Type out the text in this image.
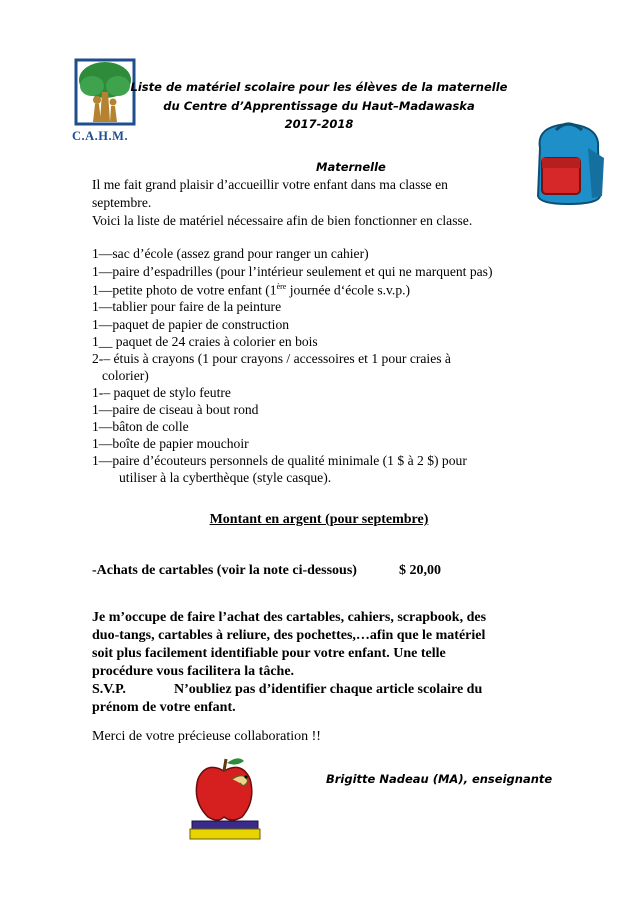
C.A.H.M.
Liste de matériel scolaire pour les élèves de la maternelle
du Centre d’Apprentissage du Haut–Madawaska
2017-2018
Maternelle
Il me fait grand plaisir d’accueillir votre enfant dans ma classe en
septembre.
Voici la liste de matériel nécessaire afin de bien fonctionner en classe.
1—sac d’école (assez grand pour ranger un cahier)
1—paire d’espadrilles (pour l’intérieur seulement et qui ne marquent pas)
1—petite photo de votre enfant (1ère journée d‘école s.v.p.)
1—tablier pour faire de la peinture
1—paquet de papier de construction
1__ paquet de 24 craies à colorier en bois
2-– étuis à crayons (1 pour crayons / accessoires et 1 pour craies à
colorier)
1-– paquet de stylo feutre
1—paire de ciseau à bout rond
1—bâton de colle
1—boîte de papier mouchoir
1—paire d’écouteurs personnels de qualité minimale (1 $ à 2 $) pour
utiliser à la cyberthèque (style casque).
Montant en argent (pour septembre)
-Achats de cartables (voir la note ci-dessous)	$ 20,00
Je m’occupe de faire l’achat des cartables, cahiers, scrapbook, des
duo-tangs, cartables à reliure, des pochettes,…afin que le matériel
soit plus facilement identifiable pour votre enfant. Une telle
procédure vous facilitera la tâche.
S.V.P.	N’oubliez pas d’identifier chaque article scolaire du
prénom de votre enfant.
Merci de votre précieuse collaboration !!
Brigitte Nadeau (MA), enseignante
